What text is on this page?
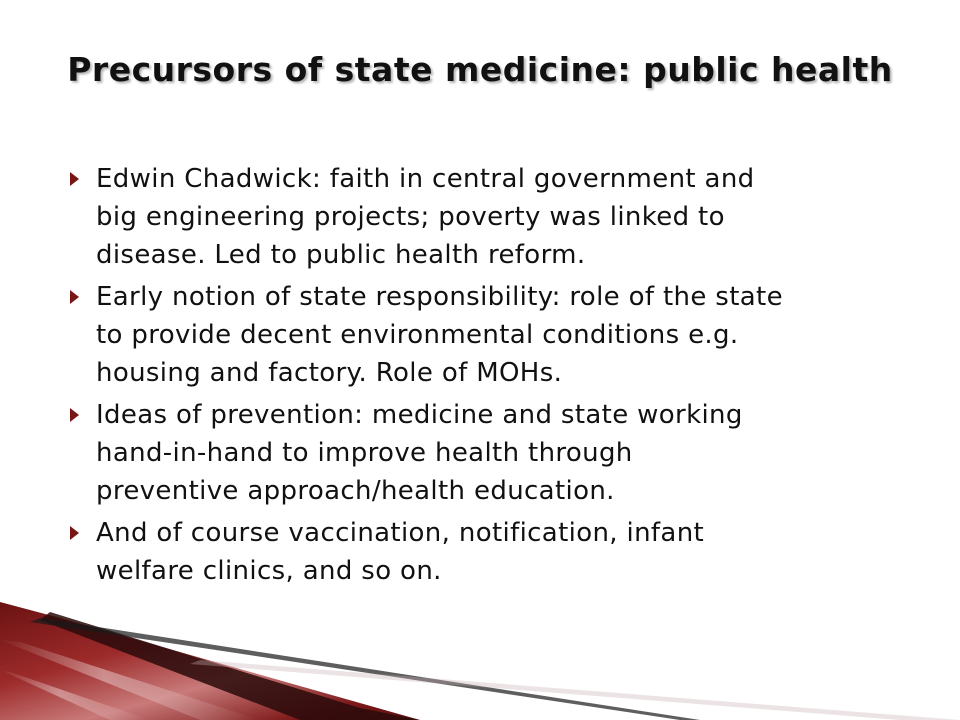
Precursors of state medicine: public health
Edwin Chadwick: faith in central government and
big engineering projects; poverty was linked to
disease. Led to public health reform.
Early notion of state responsibility: role of the state
to provide decent environmental conditions e.g.
housing and factory. Role of MOHs.
Ideas of prevention: medicine and state working
hand-in-hand to improve health through
preventive approach/health education.
And of course vaccination, notification, infant
welfare clinics, and so on.
